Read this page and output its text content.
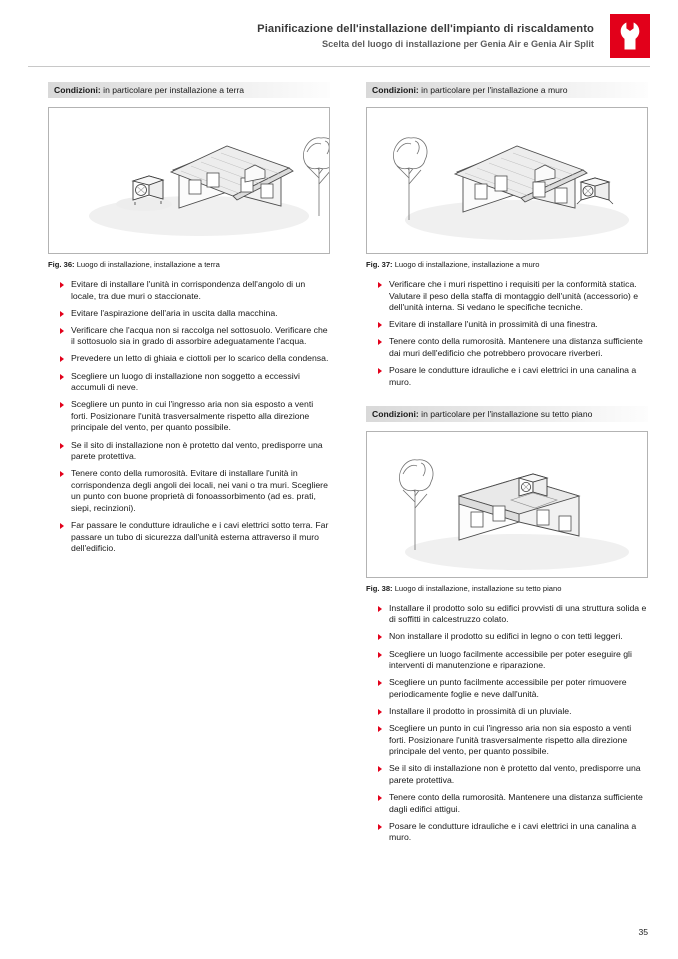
Pianificazione dell'installazione dell'impianto di riscaldamento
Scelta del luogo di installazione per Genia Air e Genia Air Split
Condizioni: in particolare per installazione a terra
Fig. 36: Luogo di installazione, installazione a terra
Evitare di installare l'unità in corrispondenza dell'angolo di un locale, tra due muri o staccionate.
Evitare l'aspirazione dell'aria in uscita dalla macchina.
Verificare che l'acqua non si raccolga nel sottosuolo. Verificare che il sottosuolo sia in grado di assorbire adeguatamente l'acqua.
Prevedere un letto di ghiaia e ciottoli per lo scarico della condensa.
Scegliere un luogo di installazione non soggetto a eccessivi accumuli di neve.
Scegliere un punto in cui l'ingresso aria non sia esposto a venti forti. Posizionare l'unità trasversalmente rispetto alla direzione principale del vento, per quanto possibile.
Se il sito di installazione non è protetto dal vento, predisporre una parete protettiva.
Tenere conto della rumorosità. Evitare di installare l'unità in corrispondenza degli angoli dei locali, nei vani o tra muri. Scegliere un punto con buone proprietà di fonoassorbimento (ad es. prati, siepi, recinzioni).
Far passare le condutture idrauliche e i cavi elettrici sotto terra. Far passare un tubo di sicurezza dall'unità esterna attraverso il muro dell'edificio.
Condizioni: in particolare per l'installazione a muro
Fig. 37: Luogo di installazione, installazione a muro
Verificare che i muri rispettino i requisiti per la conformità statica. Valutare il peso della staffa di montaggio dell'unità (accessorio) e dell'unità interna. Si vedano le specifiche tecniche.
Evitare di installare l'unità in prossimità di una finestra.
Tenere conto della rumorosità. Mantenere una distanza sufficiente dai muri dell'edificio che potrebbero provocare riverberi.
Posare le condutture idrauliche e i cavi elettrici in una canalina a muro.
Condizioni: in particolare per l'installazione su tetto piano
Fig. 38: Luogo di installazione, installazione su tetto piano
Installare il prodotto solo su edifici provvisti di una struttura solida e di soffitti in calcestruzzo colato.
Non installare il prodotto su edifici in legno o con tetti leggeri.
Scegliere un luogo facilmente accessibile per poter eseguire gli interventi di manutenzione e riparazione.
Scegliere un punto facilmente accessibile per poter rimuovere periodicamente foglie e neve dall'unità.
Installare il prodotto in prossimità di un pluviale.
Scegliere un punto in cui l'ingresso aria non sia esposto a venti forti. Posizionare l'unità trasversalmente rispetto alla direzione principale del vento, per quanto possibile.
Se il sito di installazione non è protetto dal vento, predisporre una parete protettiva.
Tenere conto della rumorosità. Mantenere una distanza sufficiente dagli edifici attigui.
Posare le condutture idrauliche e i cavi elettrici in una canalina a muro.
35
